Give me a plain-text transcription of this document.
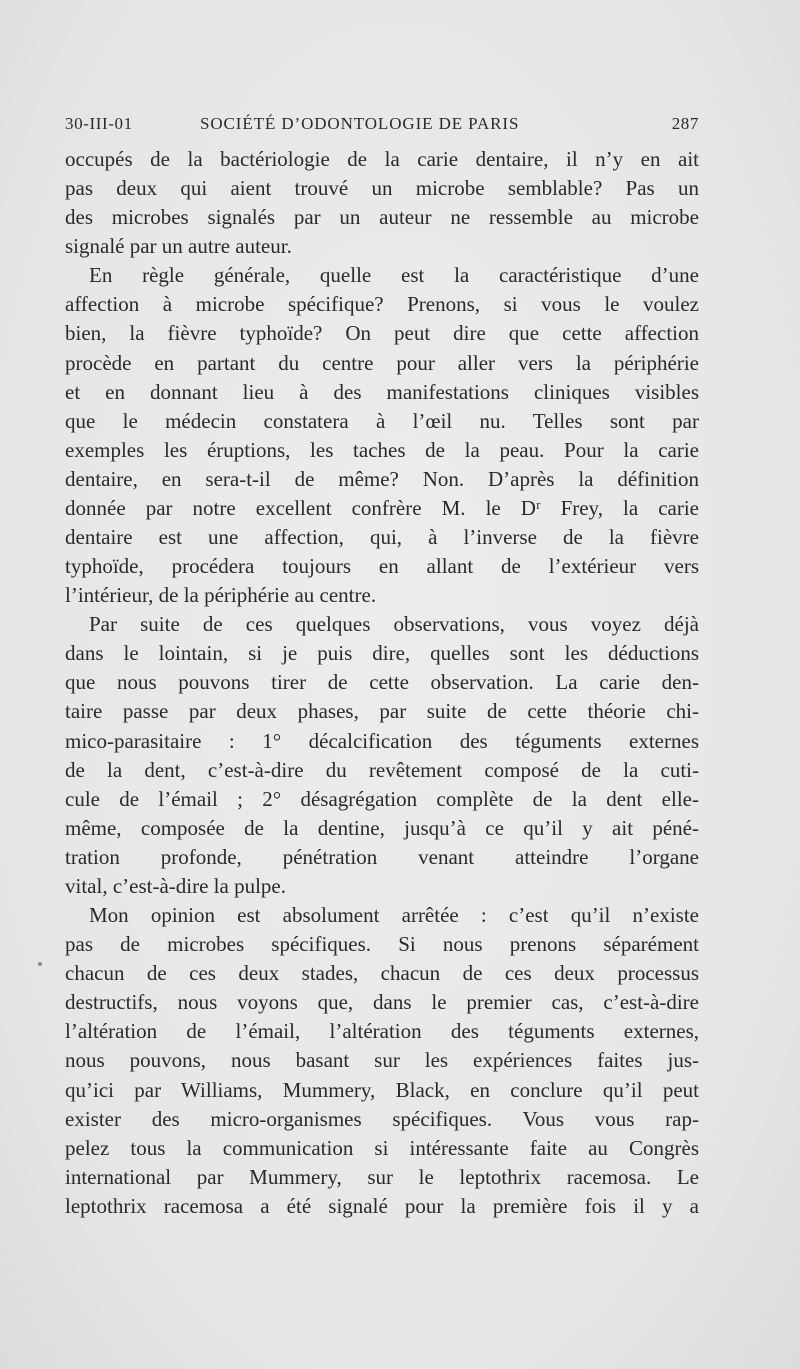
30-III-01	SOCIÉTÉ D’ODONTOLOGIE DE PARIS	287
occupés de la bactériologie de la carie dentaire, il n’y en ait
pas deux qui aient trouvé un microbe semblable? Pas un
des microbes signalés par un auteur ne ressemble au microbe
signalé par un autre auteur.
En règle générale, quelle est la caractéristique d’une
affection à microbe spécifique? Prenons, si vous le voulez
bien, la fièvre typhoïde? On peut dire que cette affection
procède en partant du centre pour aller vers la périphérie
et en donnant lieu à des manifestations cliniques visibles
que le médecin constatera à l’œil nu. Telles sont par
exemples les éruptions, les taches de la peau. Pour la carie
dentaire, en sera-t-il de même? Non. D’après la définition
donnée par notre excellent confrère M. le Dʳ Frey, la carie
dentaire est une affection, qui, à l’inverse de la fièvre
typhoïde, procédera toujours en allant de l’extérieur vers
l’intérieur, de la périphérie au centre.
Par suite de ces quelques observations, vous voyez déjà
dans le lointain, si je puis dire, quelles sont les déductions
que nous pouvons tirer de cette observation. La carie den-
taire passe par deux phases, par suite de cette théorie chi-
mico-parasitaire : 1° décalcification des téguments externes
de la dent, c’est-à-dire du revêtement composé de la cuti-
cule de l’émail ; 2° désagrégation complète de la dent elle-
même, composée de la dentine, jusqu’à ce qu’il y ait péné-
tration profonde, pénétration venant atteindre l’organe
vital, c’est-à-dire la pulpe.
Mon opinion est absolument arrêtée : c’est qu’il n’existe
pas de microbes spécifiques. Si nous prenons séparément
chacun de ces deux stades, chacun de ces deux processus
destructifs, nous voyons que, dans le premier cas, c’est-à-dire
l’altération de l’émail, l’altération des téguments externes,
nous pouvons, nous basant sur les expériences faites jus-
qu’ici par Williams, Mummery, Black, en conclure qu’il peut
exister des micro-organismes spécifiques. Vous vous rap-
pelez tous la communication si intéressante faite au Congrès
international par Mummery, sur le leptothrix racemosa. Le
leptothrix racemosa a été signalé pour la première fois il y a
